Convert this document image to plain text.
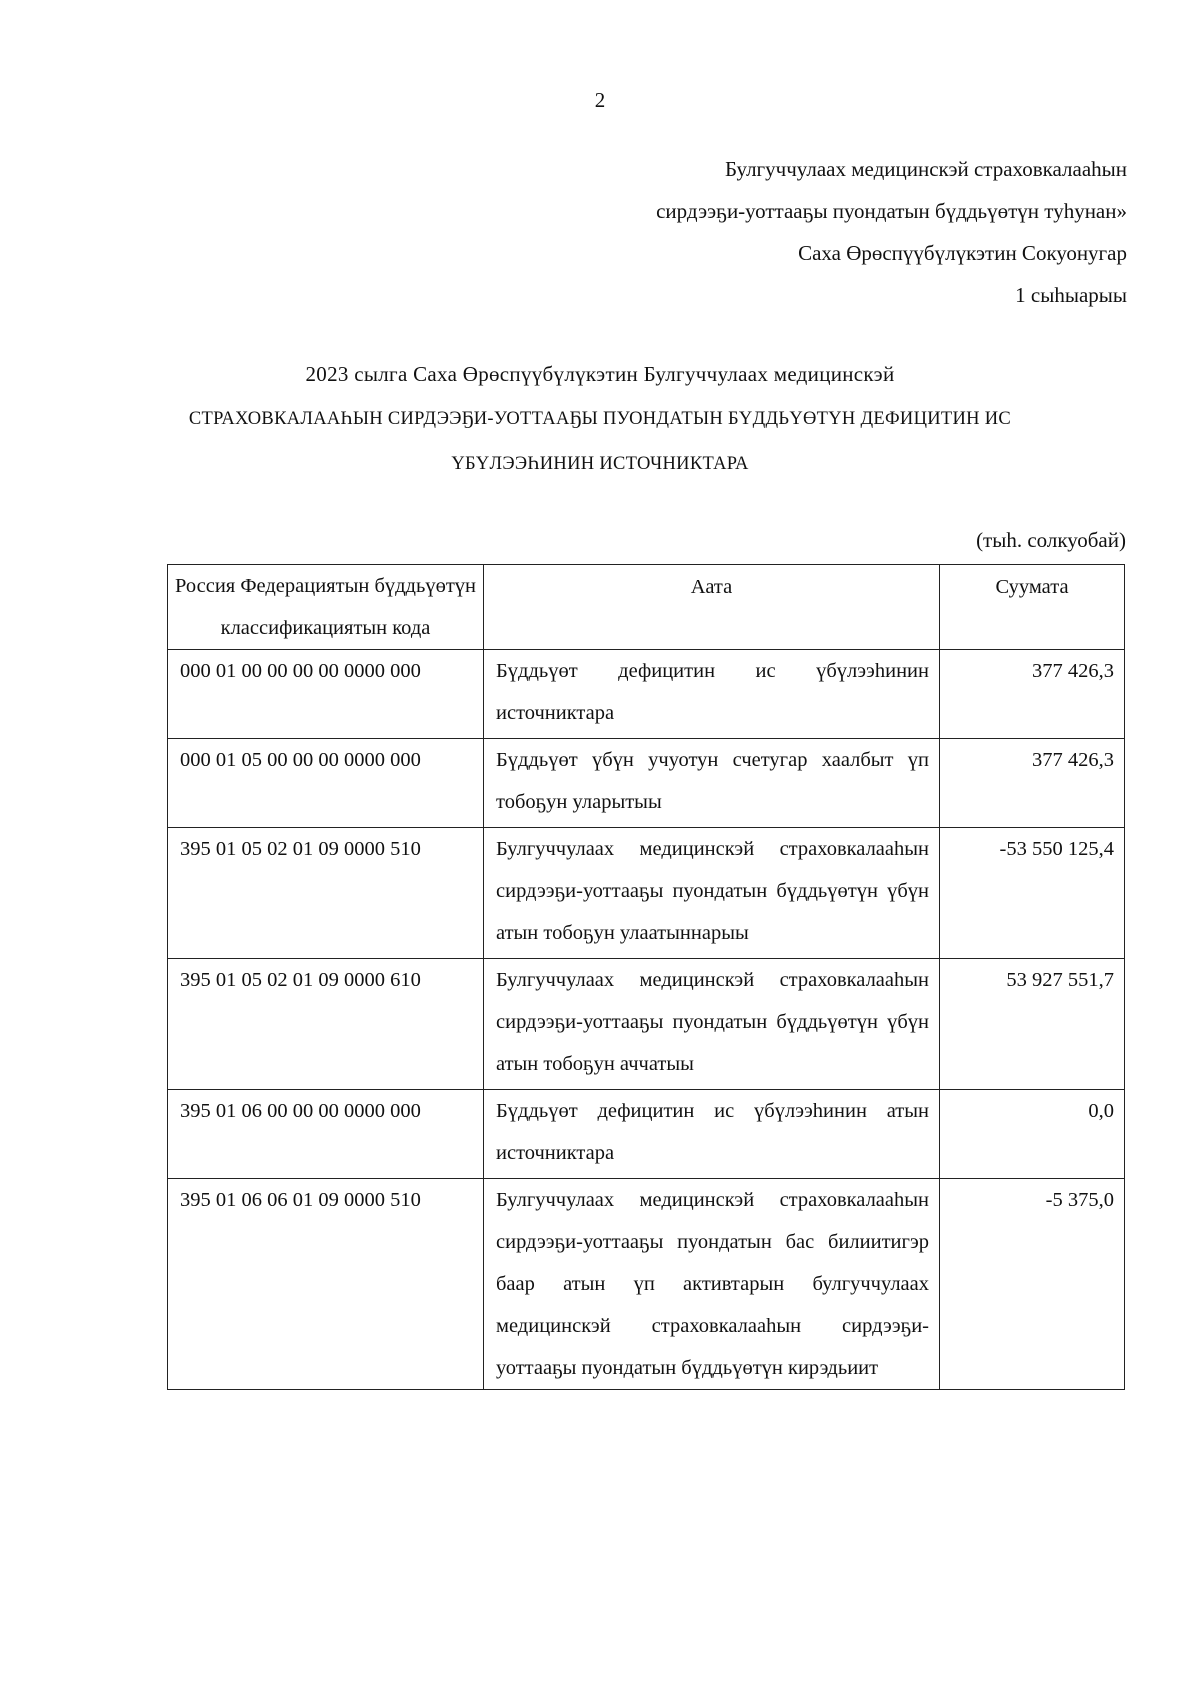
2
Булгуччулаах медицинскэй страховкалааһын
сирдээҕи-уоттааҕы пуондатын бүддьүөтүн туһунан»
Саха Өрөспүүбүлүкэтин Сокуонугар
1 сыһыарыы
2023 сылга Саха Өрөспүүбүлүкэтин Булгуччулаах медицинскэй
СТРАХОВКАЛААҺЫН СИРДЭЭҔИ-УОТТААҔЫ ПУОНДАТЫН БҮДДЬҮӨТҮН ДЕФИЦИТИН ИС
ҮБҮЛЭЭҺИНИН ИСТОЧНИКТАРА
(тыһ. солкуобай)
Россия Федерациятын бүддьүөтүн классификациятын кода	Аата	Суумата
000 01 00 00 00 00 0000 000	Бүддьүөт дефицитин ис үбүлээһинин источниктара	377 426,3
000 01 05 00 00 00 0000 000	Бүддьүөт үбүн учуотун счетугар хаалбыт үп тобоҕун уларытыы	377 426,3
395 01 05 02 01 09 0000 510	Булгуччулаах медицинскэй страховкалааһын сирдээҕи-уоттааҕы пуондатын бүддьүөтүн үбүн атын тобоҕун улаатыннарыы	-53 550 125,4
395 01 05 02 01 09 0000 610	Булгуччулаах медицинскэй страховкалааһын сирдээҕи-уоттааҕы пуондатын бүддьүөтүн үбүн атын тобоҕун аччатыы	53 927 551,7
395 01 06 00 00 00 0000 000	Бүддьүөт дефицитин ис үбүлээһинин атын источниктара	0,0
395 01 06 06 01 09 0000 510	Булгуччулаах медицинскэй страховкалааһын сирдээҕи-уоттааҕы пуондатын бас билиитигэр баар атын үп активтарын булгуччулаах медицинскэй страховкалааһын сирдээҕи-уоттааҕы пуондатын бүддьүөтүн кирэдьиит	-5 375,0
